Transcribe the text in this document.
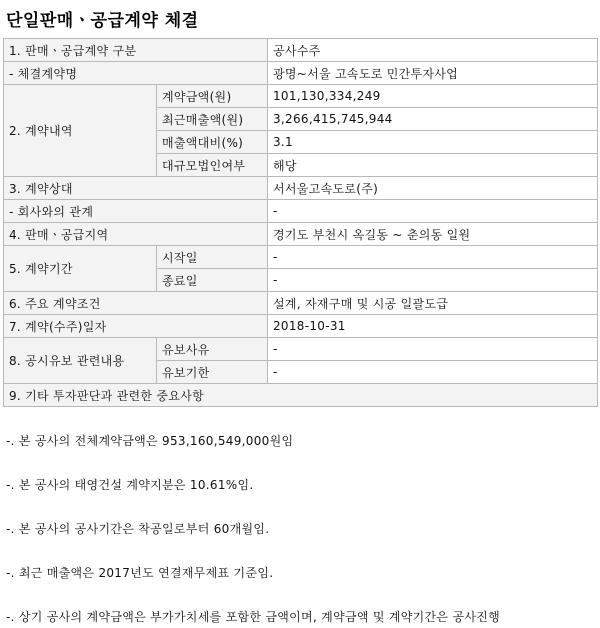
단일판매ㆍ공급계약 체결
1. 판매ㆍ공급계약 구분		공사수주
- 체결계약명		광명~서울 고속도로 민간투자사업
2. 계약내역	계약금액(원)	101,130,334,249
	최근매출액(원)	3,266,415,745,944
	매출액대비(%)	3.1
	대규모법인여부	해당
3. 계약상대		서서울고속도로(주)
- 회사와의 관계		-
4. 판매ㆍ공급지역		경기도 부천시 옥길동 ~ 춘의동 일원
5. 계약기간	시작일	-
	종료일	-
6. 주요 계약조건		설계, 자재구매 및 시공 일괄도급
7. 계약(수주)일자		2018-10-31
8. 공시유보 관련내용	유보사유	-
	유보기한	-
9. 기타 투자판단과 관련한 중요사항		
-. 본 공사의 전체계약금액은 953,160,549,000원임
-. 본 공사의 태영건설 계약지분은 10.61%임.
-. 본 공사의 공사기간은 착공일로부터 60개월임.
-. 최근 매출액은 2017년도 연결재무제표 기준임.
-. 상기 공사의 계약금액은 부가가치세를 포함한 금액이며, 계약금액 및 계약기간은 공사진행
